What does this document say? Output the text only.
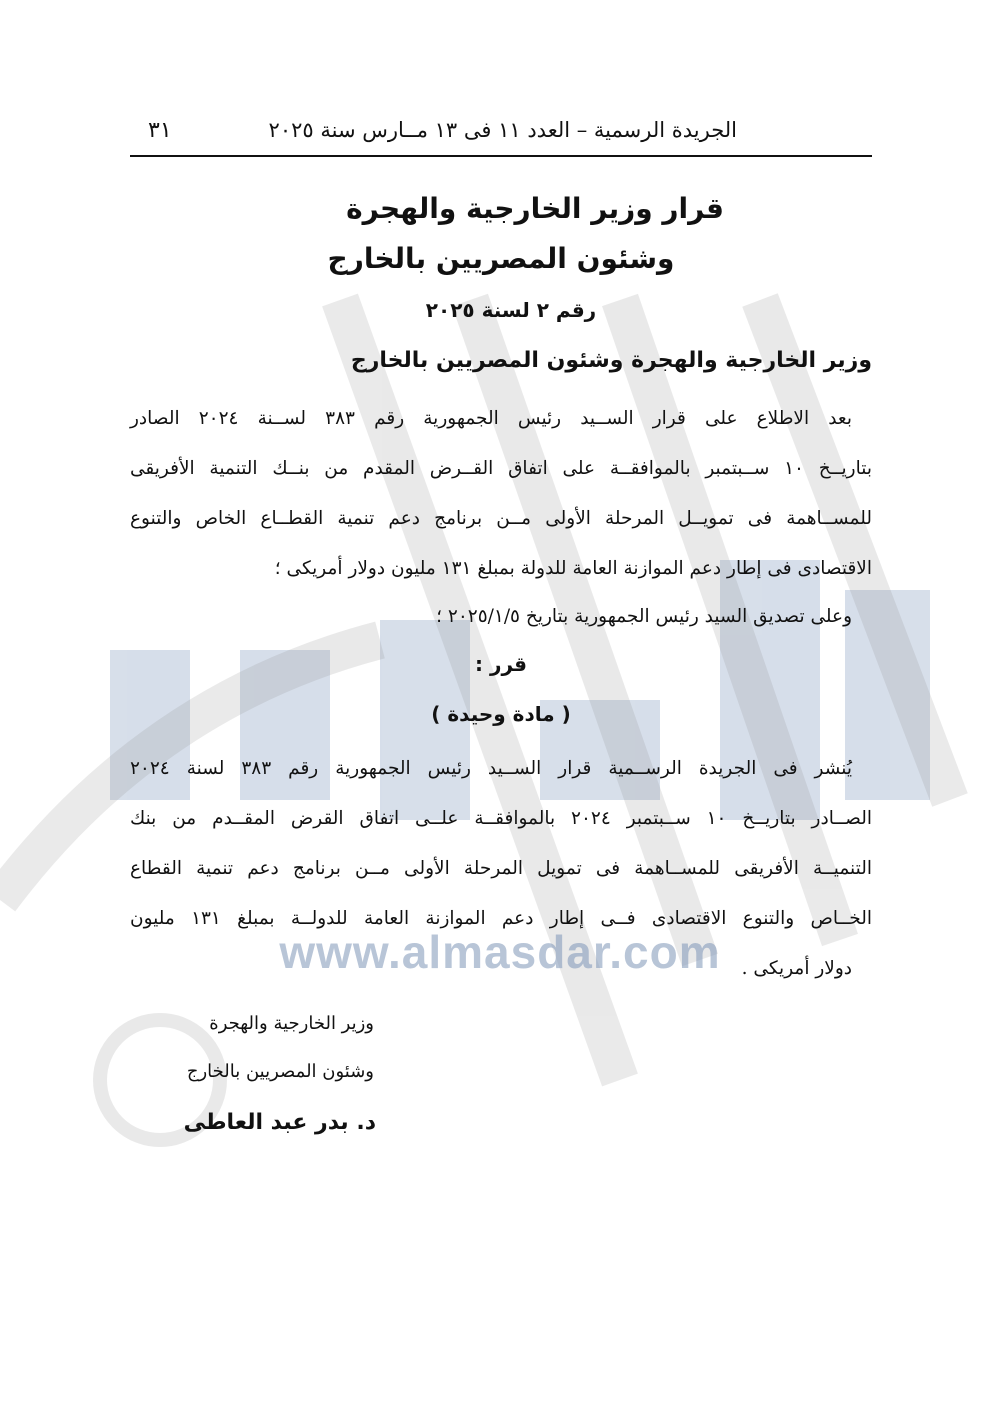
www.almasdar.com
الجريدة الرسمية – العدد ١١ فى ١٣ مــارس سنة ٢٠٢٥
٣١
قرار وزير الخارجية والهجرة
وشئون المصريين بالخارج
رقم ٢ لسنة ٢٠٢٥
وزير الخارجية والهجرة وشئون المصريين بالخارج
بعد الاطلاع على قرار الســيد رئيس الجمهورية رقم ٣٨٣ لســنة ٢٠٢٤ الصادر
بتاريــخ ١٠ ســبتمبر بالموافقــة على اتفاق القــرض المقدم من بنــك التنمية الأفريقى
للمســاهمة فى تمويــل المرحلة الأولى مــن برنامج دعم تنمية القطــاع الخاص والتنوع
الاقتصادى فى إطار دعم الموازنة العامة للدولة بمبلغ ١٣١ مليون دولار أمريكى ؛
وعلى تصديق السيد رئيس الجمهورية بتاريخ ٢٠٢٥/١/٥ ؛
قرر :
( مادة وحيدة )
يُنشر فى الجريدة الرســمية قرار الســيد رئيس الجمهورية رقم ٣٨٣ لسنة ٢٠٢٤
الصــادر بتاريــخ ١٠ ســبتمبر ٢٠٢٤ بالموافقــة علــى اتفاق القرض المقــدم من بنك
التنميــة الأفريقى للمســاهمة فى تمويل المرحلة الأولى مــن برنامج دعم تنمية القطاع
الخــاص والتنوع الاقتصادى فــى إطار دعم الموازنة العامة للدولــة بمبلغ ١٣١ مليون
دولار أمريكى .
وزير الخارجية والهجرة
وشئون المصريين بالخارج
د. بدر عبد العاطى
